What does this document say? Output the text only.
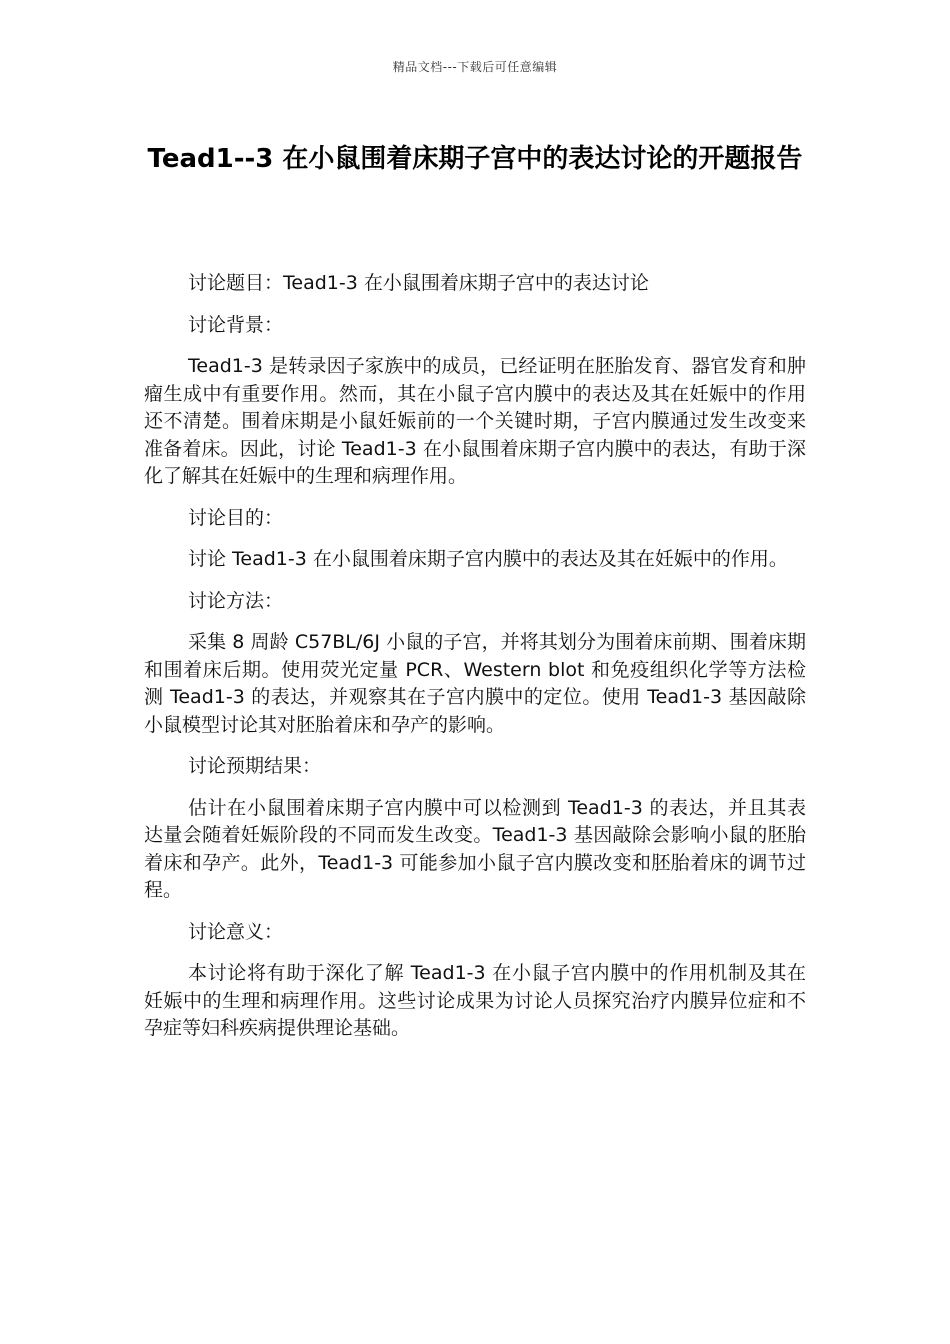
精品文档---下载后可任意编辑
Tead1--3 在小鼠围着床期子宫中的表达讨论的开题报告

讨论题目：Tead1-3 在小鼠围着床期子宫中的表达讨论

讨论背景：

Tead1-3 是转录因子家族中的成员，已经证明在胚胎发育、器官发育和肿瘤生成中有重要作用。然而，其在小鼠子宫内膜中的表达及其在妊娠中的作用还不清楚。围着床期是小鼠妊娠前的一个关键时期，子宫内膜通过发生改变来准备着床。因此，讨论 Tead1-3 在小鼠围着床期子宫内膜中的表达，有助于深化了解其在妊娠中的生理和病理作用。

讨论目的：

讨论 Tead1-3 在小鼠围着床期子宫内膜中的表达及其在妊娠中的作用。

讨论方法：

采集 8 周龄 C57BL/6J 小鼠的子宫，并将其划分为围着床前期、围着床期和围着床后期。使用荧光定量 PCR、Western blot 和免疫组织化学等方法检测 Tead1-3 的表达，并观察其在子宫内膜中的定位。使用 Tead1-3 基因敲除小鼠模型讨论其对胚胎着床和孕产的影响。

讨论预期结果：

估计在小鼠围着床期子宫内膜中可以检测到 Tead1-3 的表达，并且其表达量会随着妊娠阶段的不同而发生改变。Tead1-3 基因敲除会影响小鼠的胚胎着床和孕产。此外，Tead1-3 可能参加小鼠子宫内膜改变和胚胎着床的调节过程。

讨论意义：

本讨论将有助于深化了解 Tead1-3 在小鼠子宫内膜中的作用机制及其在妊娠中的生理和病理作用。这些讨论成果为讨论人员探究治疗内膜异位症和不孕症等妇科疾病提供理论基础。
